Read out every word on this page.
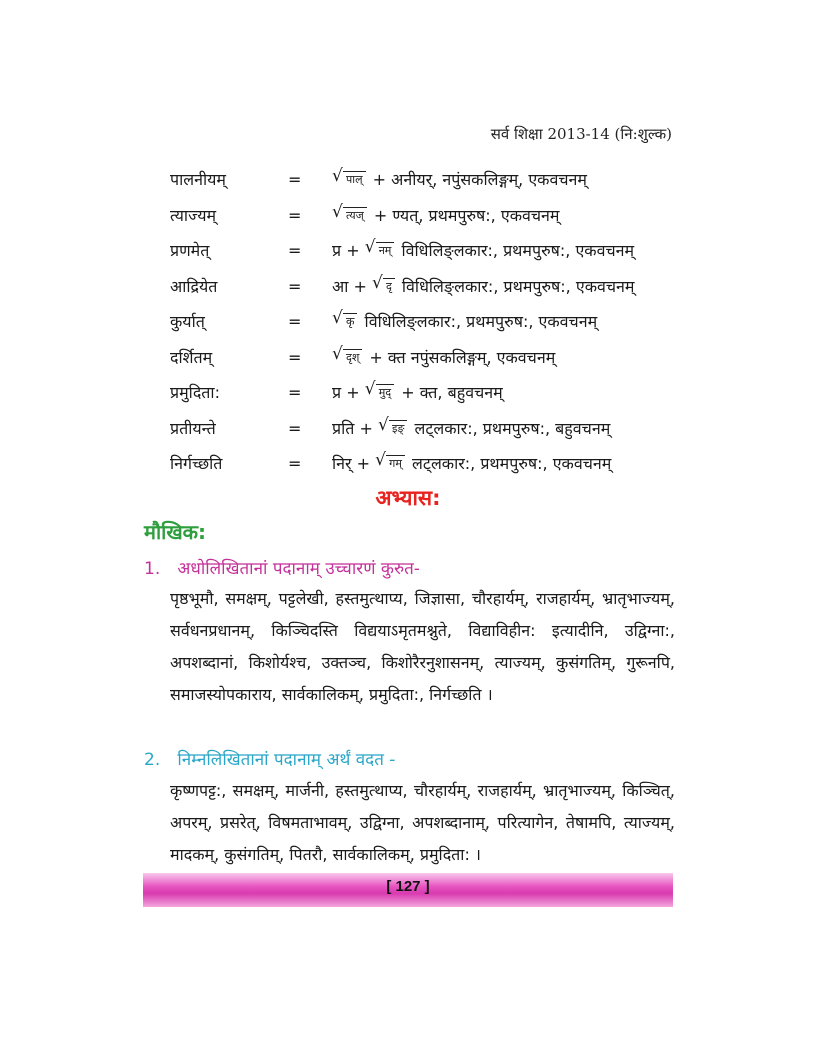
सर्व शिक्षा 2013-14 (नि:शुल्क)
पालनीयम्	=	√ पाल् + अनीयर्, नपुंसकलिङ्गम्, एकवचनम्
त्याज्यम्	=	√ त्यज् + ण्यत्, प्रथमपुरुष:, एकवचनम्
प्रणमेत्	= प्र + √ नम् विधिलिङ्लकार:, प्रथमपुरुष:, एकवचनम्
आद्रियेत	= आ + √ दृ विधिलिङ्लकार:, प्रथमपुरुष:, एकवचनम्
कुर्यात्	=	√ कृ विधिलिङ्लकार:, प्रथमपुरुष:, एकवचनम्
दर्शितम्	=	√ दृश् + क्त नपुंसकलिङ्गम्, एकवचनम्
प्रमुदिता:	= प्र + √ मुद् + क्त, बहुवचनम्
प्रतीयन्ते	= प्रति + √ इङ् लट्लकार:, प्रथमपुरुष:, बहुवचनम्
निर्गच्छति	= निर् + √ गम् लट्लकार:, प्रथमपुरुष:, एकवचनम्
अभ्यास:
मौखिक:
1. अधोलिखितानां पदानाम् उच्चारणं कुरुत-
पृष्ठभूमौ, समक्षम्, पट्टलेखी, हस्तमुत्थाप्य, जिज्ञासा, चौरहार्यम्, राजहार्यम्, भ्रातृभाज्यम्, सर्वधनप्रधानम्, किञ्चिदस्ति विद्ययाऽमृतमश्नुते, विद्याविहीन: इत्यादीनि, उद्विग्ना:, अपशब्दानां, किशोर्यश्च, उक्तञ्च, किशोरैरनुशासनम्, त्याज्यम्, कुसंगतिम्, गुरूनपि, समाजस्योपकाराय, सार्वकालिकम्, प्रमुदिता:, निर्गच्छति ।
2. निम्नलिखितानां पदानाम् अर्थं वदत -
कृष्णपट्ट:, समक्षम्, मार्जनी, हस्तमुत्थाप्य, चौरहार्यम्, राजहार्यम्, भ्रातृभाज्यम्, किञ्चित्, अपरम्, प्रसरेत्, विषमताभावम्, उद्विग्ना, अपशब्दानाम्, परित्यागेन, तेषामपि, त्याज्यम्, मादकम्, कुसंगतिम्, पितरौ, सार्वकालिकम्, प्रमुदिता: ।
[ 127 ]
